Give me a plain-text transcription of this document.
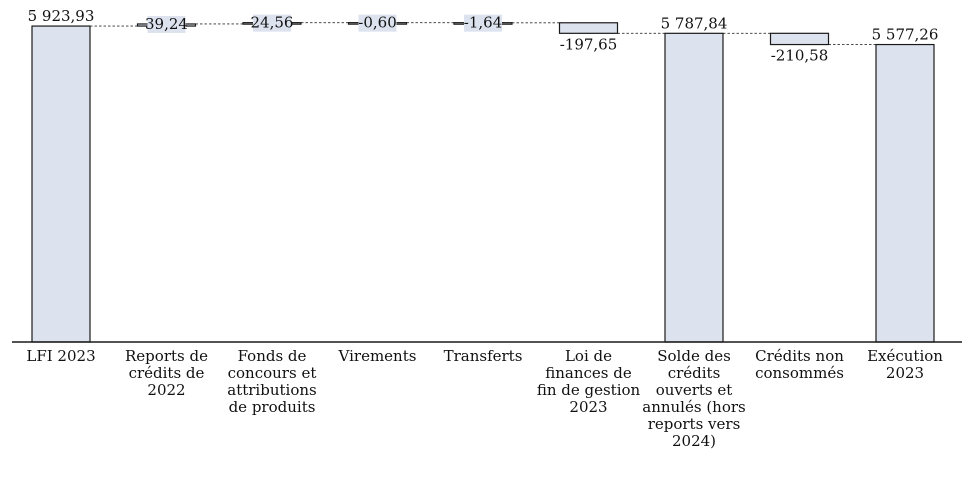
5 923,93	39,24	24,56	-0,60	-1,64
-197,65
5 787,84
-210,58
5 577,26
LFI 2023	Reports de crédits de 2022
Fonds de concours et attributions de produits
Virements	Transferts	Loi de finances de fin de gestion 2023
Solde des crédits ouverts et annulés (hors reports vers 2024)
Crédits non consommés
Exécution 2023
